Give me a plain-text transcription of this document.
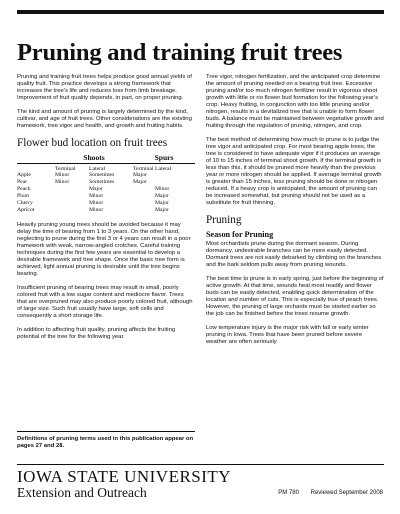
Pruning and training fruit trees

Pruning and training fruit trees helps produce good annual yields of quality fruit. This practice develops a strong framework that increases the tree's life and reduces loss from limb breakage. Improvement of fruit quality depends, in part, on proper pruning.

The kind and amount of pruning is largely determined by the kind, cultivar, and age of fruit trees. Other considerations are the existing framework, tree vigor and health, and growth and fruiting habits.

Flower bud location on fruit trees
	Shoots		Spurs	
	Terminal	Lateral	Terminal	Lateral
Apple	Minor	Sometimes	Major	
Pear	Minor	Sometimes	Major	
Peach		Major		Minor
Plum		Minor		Major
Cherry		Minor		Major
Apricot		Minor		Major

Heavily pruning young trees should be avoided because it may delay the time of bearing from 1 to 3 years. On the other hand, neglecting to prune during the first 3 or 4 years can result in a poor framework with weak, narrow-angled crotches. Careful training techniques during the first few years are essential to develop a desirable framework and tree shape. Once the basic tree form is achieved, light annual pruning is desirable until the tree begins bearing.

Insufficient pruning of bearing trees may result in small, poorly colored fruit with a low sugar content and mediocre flavor. Trees that are overpruned may also produce poorly colored fruit, although of large size. Such fruit usually have large, soft cells and consequently a short storage life.

In addition to affecting fruit quality, pruning affects the fruiting potential of the tree for the following year.

Definitions of pruning terms used in this publication appear on pages 27 and 28.

Tree vigor, nitrogen fertilization, and the anticipated crop determine the amount of pruning needed on a bearing fruit tree. Excessive pruning and/or too much nitrogen fertilizer result in vigorous shoot growth with little or no flower bud formation for the following year's crop. Heavy fruiting, in conjunction with too little pruning and/or nitrogen, results in a devitalized tree that is unable to form flower buds. A balance must be maintained between vegetative growth and fruiting through the regulation of pruning, nitrogen, and crop.

The best method of determining how much to prune is to judge the tree vigor and anticipated crop. For most bearing apple trees, the tree is considered to have adequate vigor if it produces an average of 10 to 15 inches of terminal shoot growth. If the terminal growth is less than this, it should be pruned more heavily than the previous year or more nitrogen should be applied. If average terminal growth is greater than 15 inches, less pruning should be done or nitrogen reduced. If a heavy crop is anticipated, the amount of pruning can be increased somewhat, but pruning should not be used as a substitute for fruit thinning.

Pruning
Season for Pruning

Most orchardists prune during the dormant season. During dormancy, undesirable branches can be more easily detected. Dormant trees are not easily debarked by climbing on the branches and the bark seldom pulls away from pruning wounds.

The best time to prune is in early spring, just before the beginning of active growth. At that time, wounds heal most readily and flower buds can be easily detected, enabling quick determination of the location and number of cuts. This is especially true of peach trees. However, the pruning of large orchards must be started earlier so the job can be finished before the trees resume growth.

Low temperature injury is the major risk with fall or early winter pruning in Iowa. Trees that have been pruned before severe weather are often seriously

IOWA STATE UNIVERSITY
Extension and Outreach	PM 780 Reviewed September 2008
